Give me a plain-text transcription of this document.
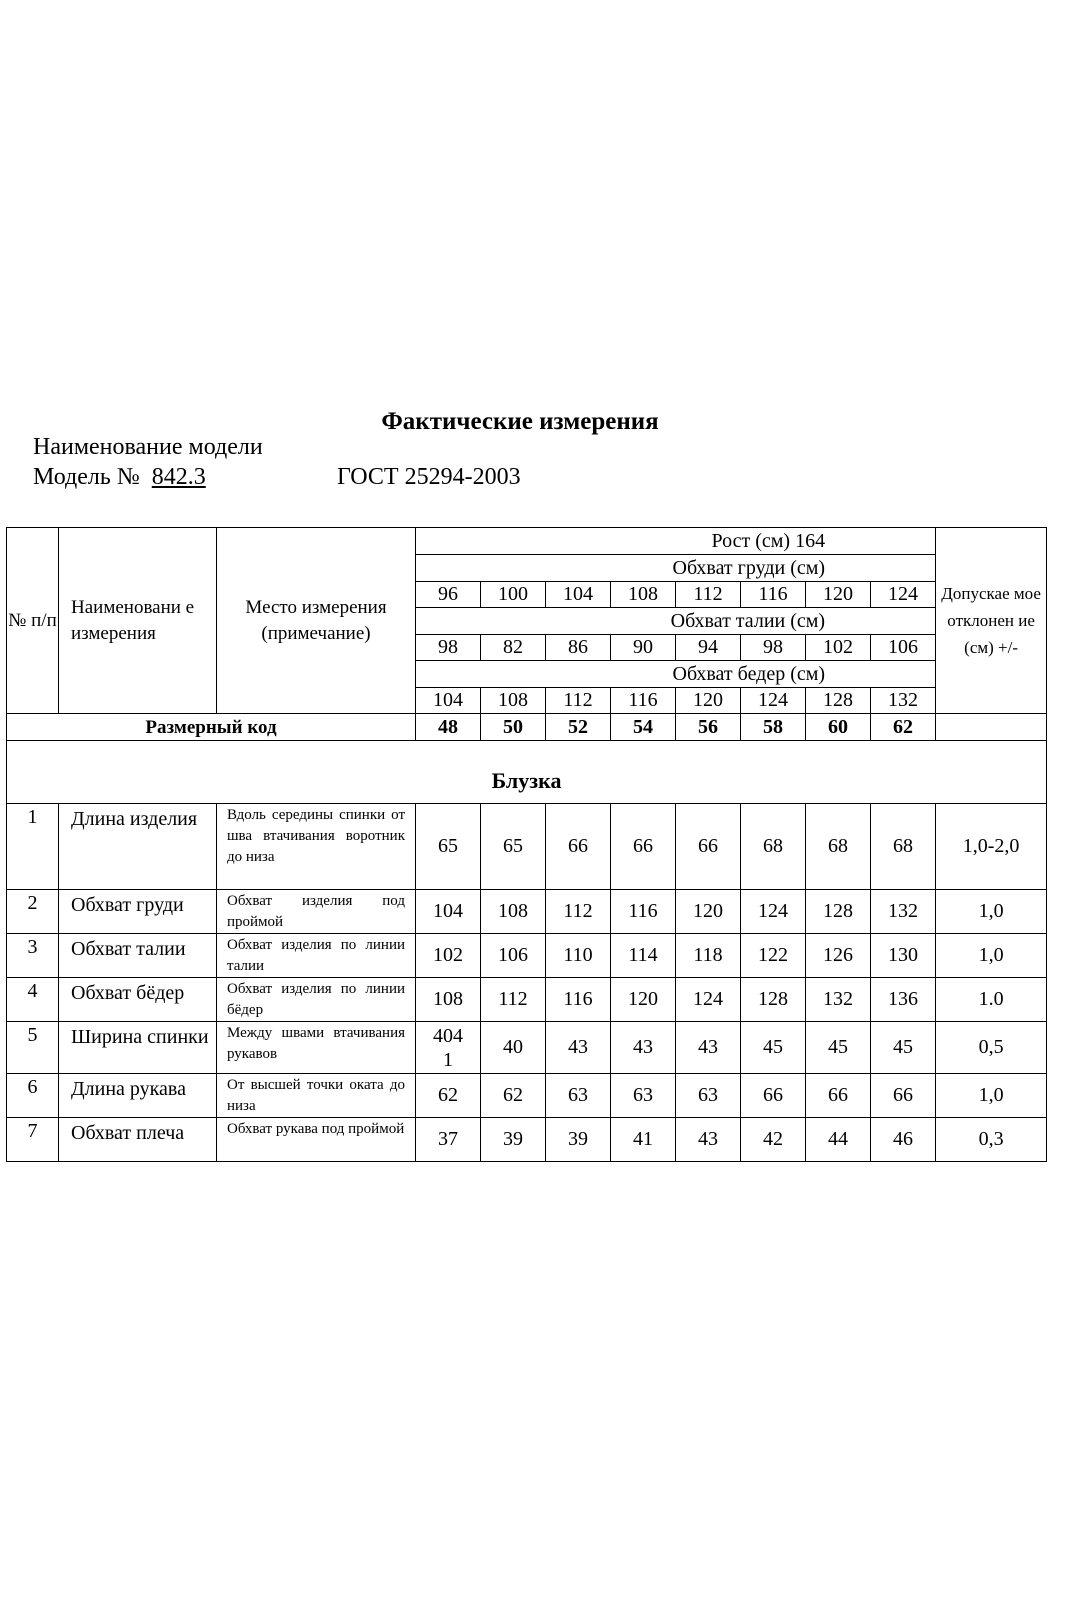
Фактические измерения
Наименование модели
Модель № 842.3	ГОСТ 25294-2003
№ п/п	Наименовани е измерения	Место измерения (примечание)	Рост (см) 164								Допускае мое отклонен ие (см) +/-
			Обхват груди (см)								
			96	100	104	108	112	116	120	124	
			Обхват талии (см)								
			98	82	86	90	94	98	102	106	
			Обхват бедер (см)								
			104	108	112	116	120	124	128	132	
Размерный код			48	50	52	54	56	58	60	62	
Блузка											
1	Длина изделия	Вдоль середины спинки от шва втачивания воротник до низа	65	65	66	66	66	68	68	68	1,0-2,0
2	Обхват груди	Обхват изделия под проймой	104	108	112	116	120	124	128	132	1,0
3	Обхват талии	Обхват изделия по линии талии	102	106	110	114	118	122	126	130	1,0
4	Обхват бёдер	Обхват изделия по линии бёдер	108	112	116	120	124	128	132	136	1.0
5	Ширина спинки	Между швами втачивания рукавов	404 1	40	43	43	43	45	45	45	0,5
6	Длина рукава	От высшей точки оката до низа	62	62	63	63	63	66	66	66	1,0
7	Обхват плеча	Обхват рукава под проймой	37	39	39	41	43	42	44	46	0,3
